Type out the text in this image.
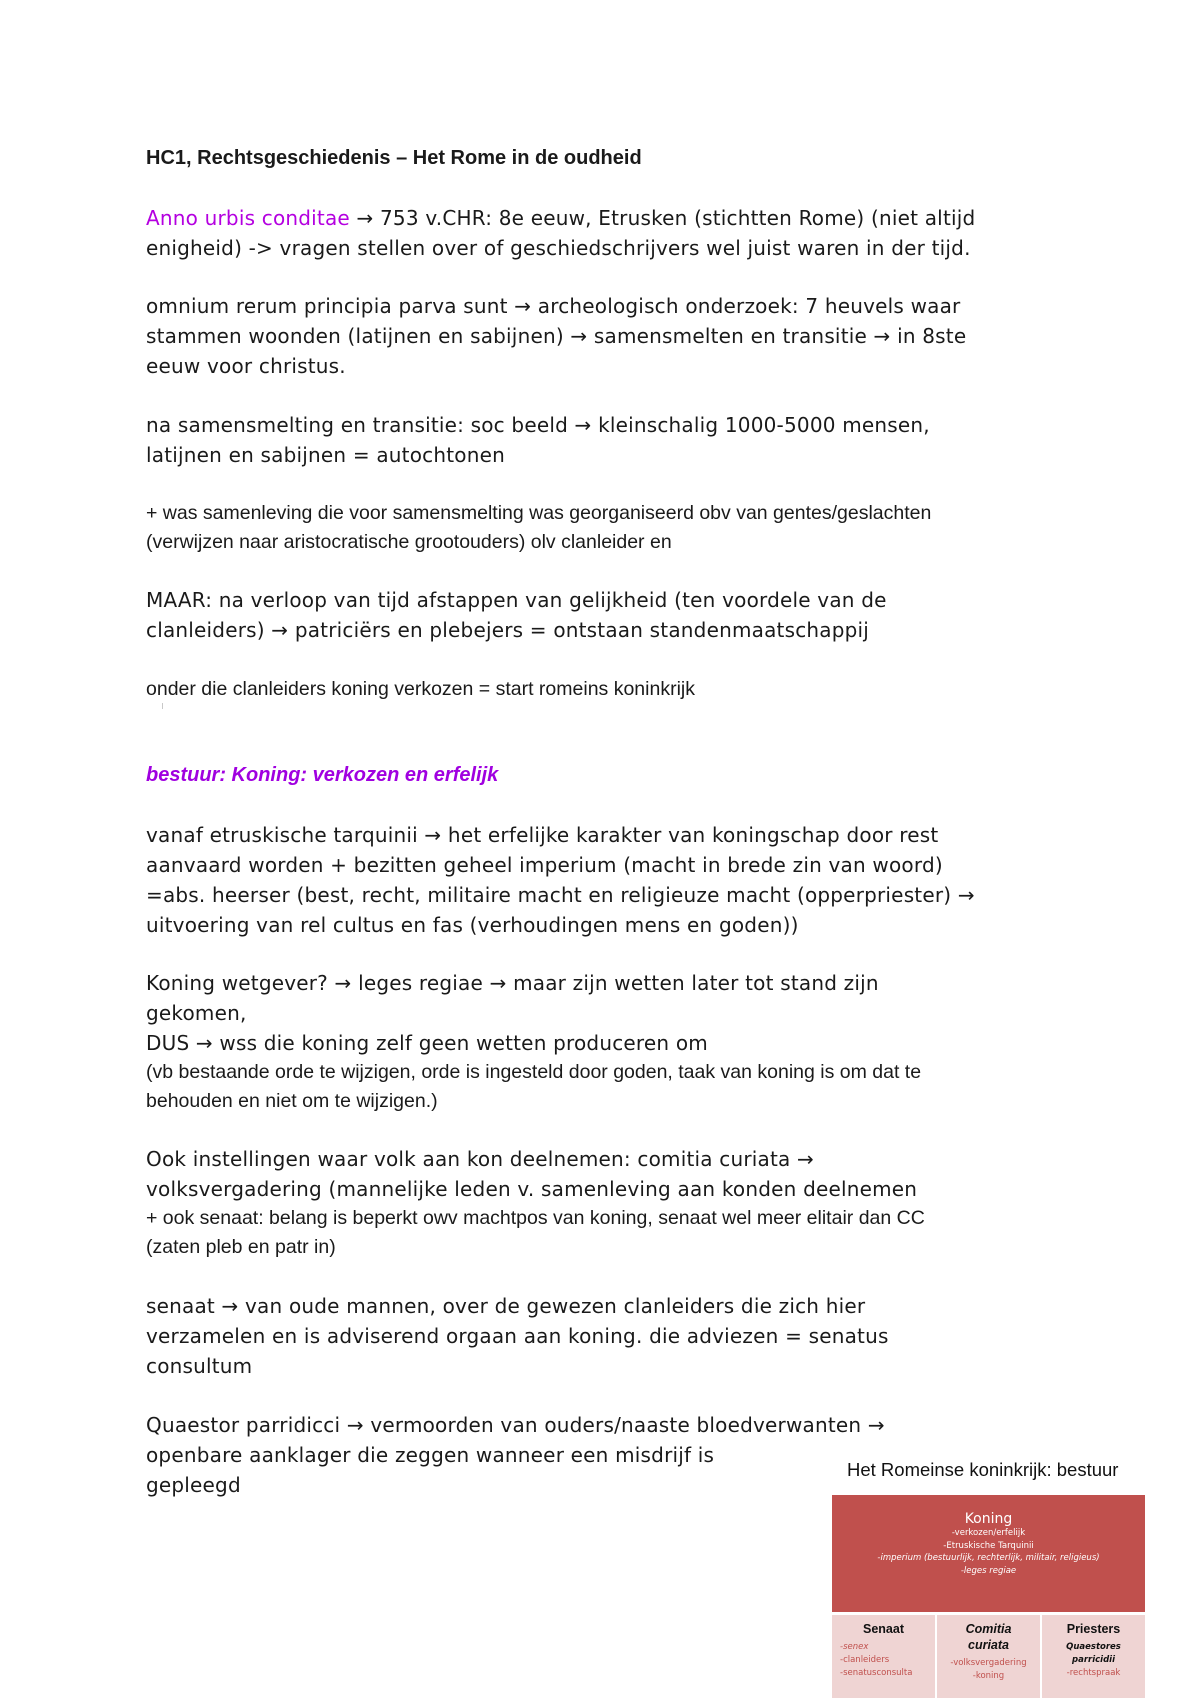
HC1, Rechtsgeschiedenis – Het Rome in de oudheid
Anno urbis conditae → 753 v.CHR: 8e eeuw, Etrusken (stichtten Rome) (niet altijd
enigheid) -> vragen stellen over of geschiedschrijvers wel juist waren in der tijd.
omnium rerum principia parva sunt → archeologisch onderzoek: 7 heuvels waar
stammen woonden (latijnen en sabijnen) → samensmelten en transitie → in 8ste
eeuw voor christus.
na samensmelting en transitie: soc beeld → kleinschalig 1000-5000 mensen,
latijnen en sabijnen = autochtonen
+ was samenleving die voor samensmelting was georganiseerd obv van gentes/geslachten
(verwijzen naar aristocratische grootouders) olv clanleider en
MAAR: na verloop van tijd afstappen van gelijkheid (ten voordele van de
clanleiders) → patriciërs en plebejers = ontstaan standenmaatschappij
onder die clanleiders koning verkozen = start romeins koninkrijk
bestuur: Koning: verkozen en erfelijk
vanaf etruskische tarquinii → het erfelijke karakter van koningschap door rest
aanvaard worden + bezitten geheel imperium (macht in brede zin van woord)
=abs. heerser (best, recht, militaire macht en religieuze macht (opperpriester) →
uitvoering van rel cultus en fas (verhoudingen mens en goden))
Koning wetgever? → leges regiae → maar zijn wetten later tot stand zijn
gekomen,
DUS → wss die koning zelf geen wetten produceren om
(vb bestaande orde te wijzigen, orde is ingesteld door goden, taak van koning is om dat te
behouden en niet om te wijzigen.)
Ook instellingen waar volk aan kon deelnemen: comitia curiata →
volksvergadering (mannelijke leden v. samenleving aan konden deelnemen
+ ook senaat: belang is beperkt owv machtpos van koning, senaat wel meer elitair dan CC
(zaten pleb en patr in)
senaat → van oude mannen, over de gewezen clanleiders die zich hier
verzamelen en is adviserend orgaan aan koning. die adviezen = senatus
consultum
Quaestor parridicci → vermoorden van ouders/naaste bloedverwanten →
openbare aanklager die zeggen wanneer een misdrijf is
gepleegd
Het Romeinse koninkrijk: bestuur
Koning
-verkozen/erfelijk
-Etruskische Tarquinii
-imperium (bestuurlijk, rechterlijk, militair, religieus)
-leges regiae
Senaat
-senex
-clanleiders
-senatusconsulta
Comitia
curiata
-volksvergadering
-koning
Priesters
Quaestores
parricidii
-rechtspraak
